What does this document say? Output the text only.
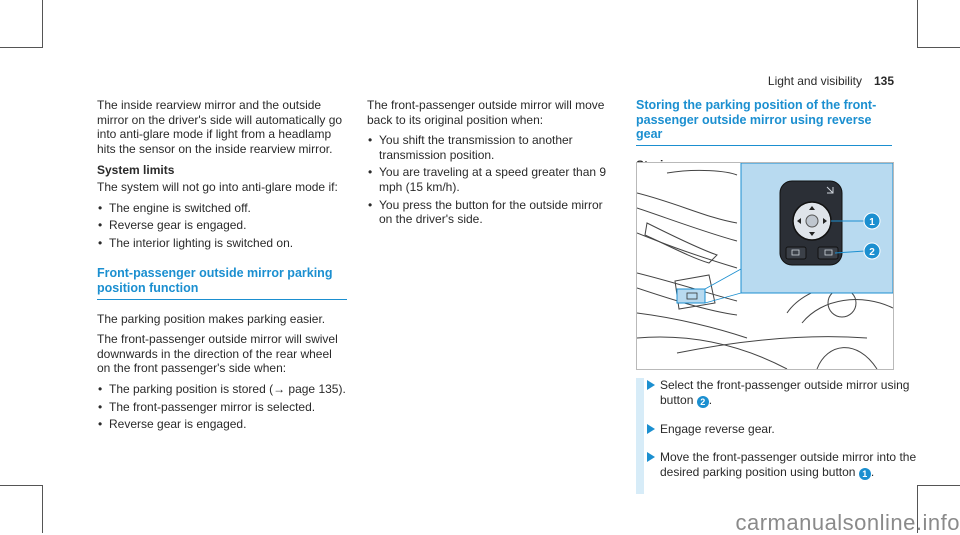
Light and visibility 135

The inside rearview mirror and the outside mirror on the driver's side will automatically go into anti-glare mode if light from a headlamp hits the sensor on the inside rearview mirror.

System limits

The system will not go into anti-glare mode if:

• The engine is switched off.
• Reverse gear is engaged.
• The interior lighting is switched on.
Front-passenger outside mirror parking position function

The parking position makes parking easier.

The front-passenger outside mirror will swivel downwards in the direction of the rear wheel on the front passenger's side when:

• The parking position is stored (→ page 135).
• The front-passenger mirror is selected.
• Reverse gear is engaged.

The front-passenger outside mirror will move back to its original position when:

• You shift the transmission to another transmission position.
• You are traveling at a speed greater than 9 mph (15 km/h).
• You press the button for the outside mirror on the driver's side.
Storing the parking position of the front-passenger outside mirror using reverse gear

1
2
Select the front-passenger outside mirror using button 2 .
Engage reverse gear.
Move the front-passenger outside mirror into the desired parking position using button 1 .
carmanualsonline.info
